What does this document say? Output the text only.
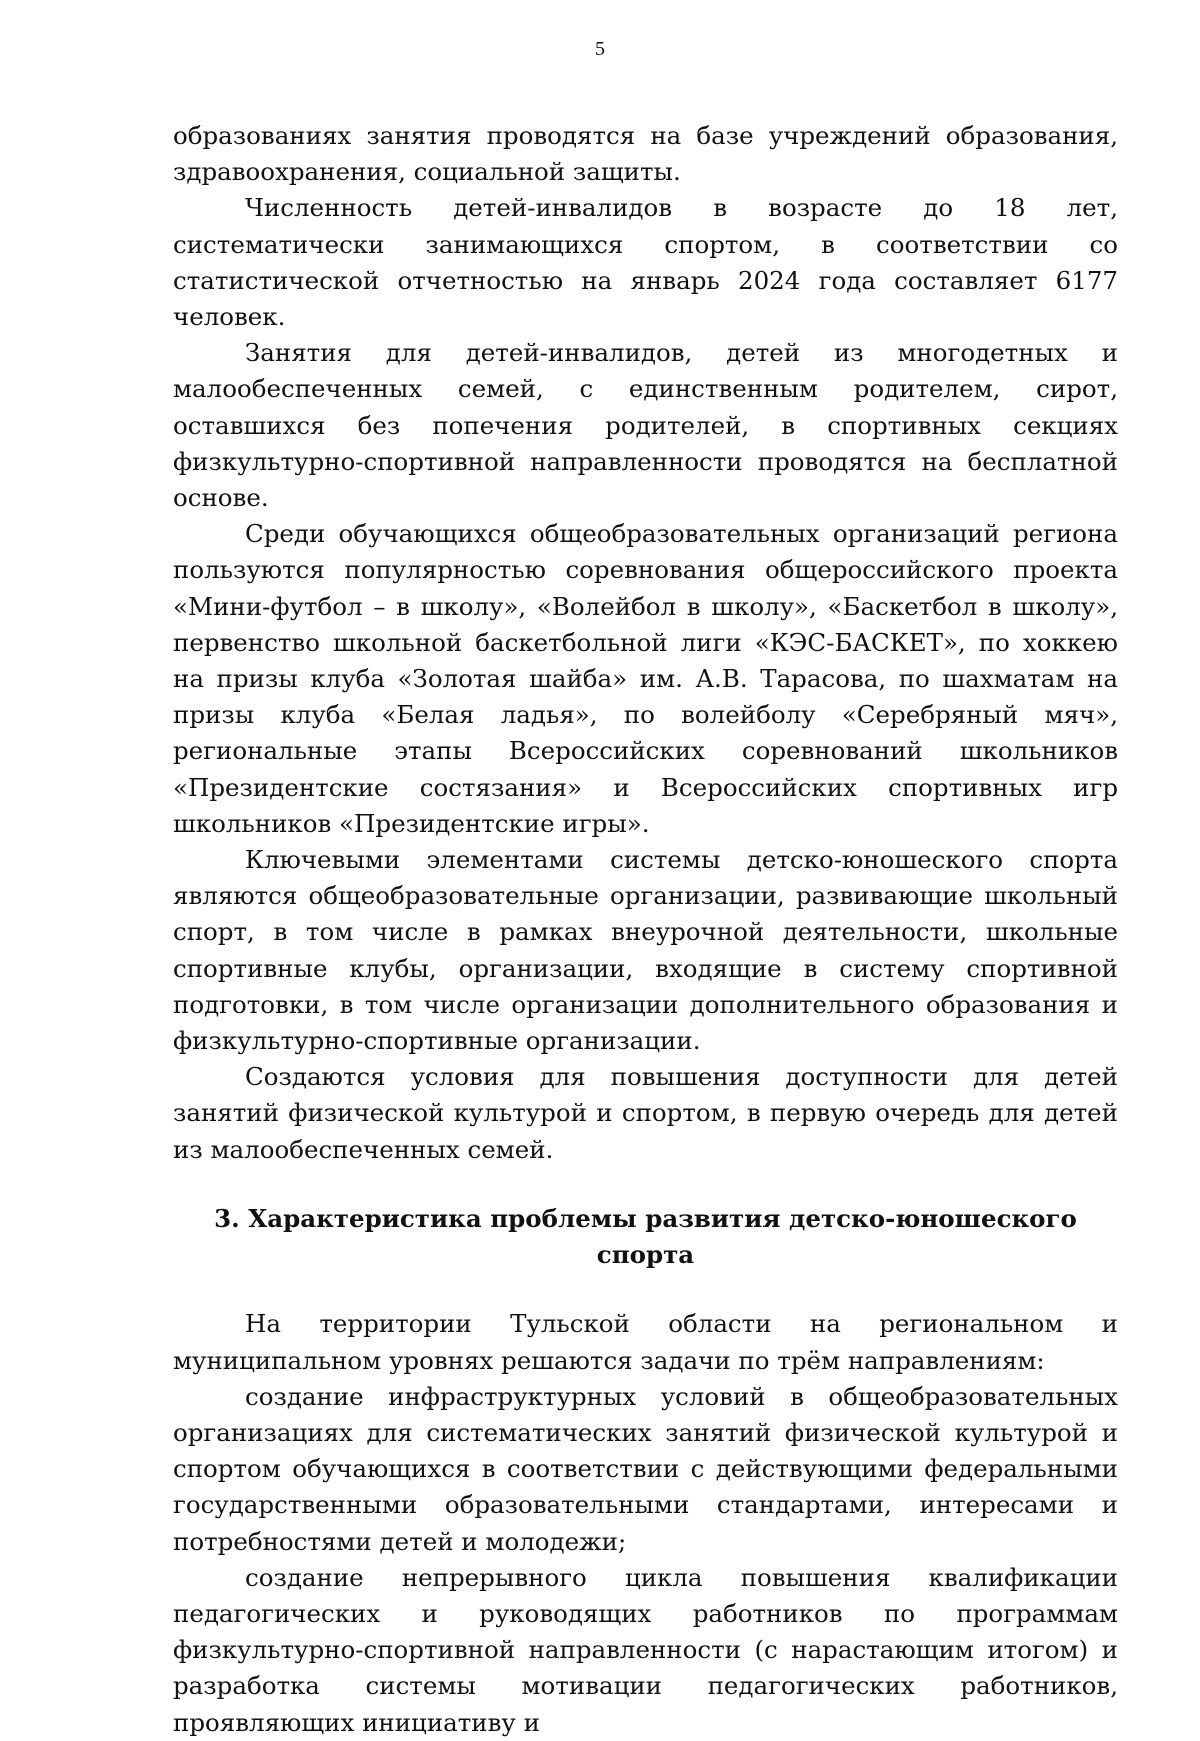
5

образованиях занятия проводятся на базе учреждений образования, здравоохранения, социальной защиты.

Численность детей-инвалидов в возрасте до 18 лет, систематически занимающихся спортом, в соответствии со статистической отчетностью на январь 2024 года составляет 6177 человек.

Занятия для детей-инвалидов, детей из многодетных и малообеспеченных семей, с единственным родителем, сирот, оставшихся без попечения родителей, в спортивных секциях физкультурно-спортивной направленности проводятся на бесплатной основе.

Среди обучающихся общеобразовательных организаций региона пользуются популярностью соревнования общероссийского проекта «Мини-футбол – в школу», «Волейбол в школу», «Баскетбол в школу», первенство школьной баскетбольной лиги «КЭС-БАСКЕТ», по хоккею на призы клуба «Золотая шайба» им. А.В. Тарасова, по шахматам на призы клуба «Белая ладья», по волейболу «Серебряный мяч», региональные этапы Всероссийских соревнований школьников «Президентские состязания» и Всероссийских спортивных игр школьников «Президентские игры».

Ключевыми элементами системы детско-юношеского спорта являются общеобразовательные организации, развивающие школьный спорт, в том числе в рамках внеурочной деятельности, школьные спортивные клубы, организации, входящие в систему спортивной подготовки, в том числе организации дополнительного образования и физкультурно-спортивные организации.

Создаются условия для повышения доступности для детей занятий физической культурой и спортом, в первую очередь для детей из малообеспеченных семей.

3. Характеристика проблемы развития детско-юношеского спорта

На территории Тульской области на региональном и муниципальном уровнях решаются задачи по трём направлениям:

создание инфраструктурных условий в общеобразовательных организациях для систематических занятий физической культурой и спортом обучающихся в соответствии с действующими федеральными государственными образовательными стандартами, интересами и потребностями детей и молодежи;

создание непрерывного цикла повышения квалификации педагогических и руководящих работников по программам физкультурно-спортивной направленности (с нарастающим итогом) и разработка системы мотивации педагогических работников, проявляющих инициативу и
